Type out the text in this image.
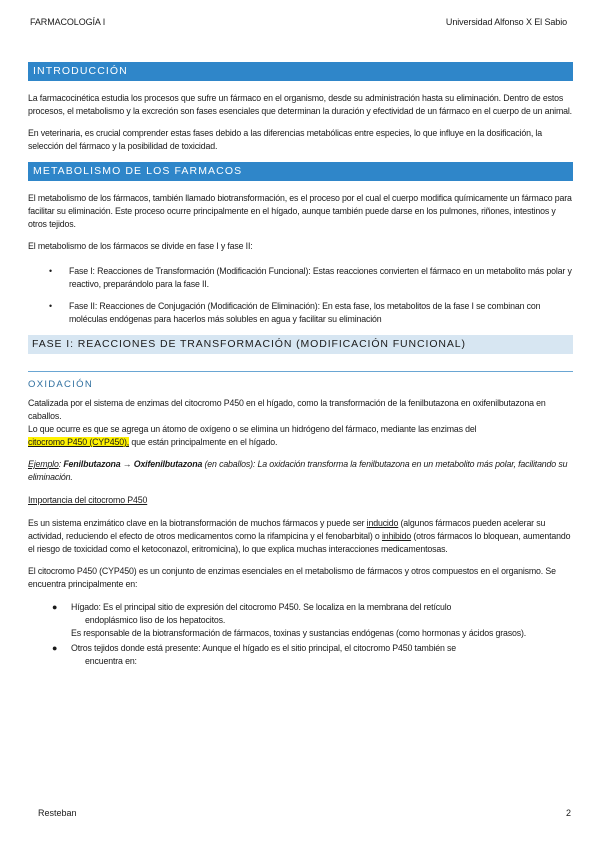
FARMACOLOGÍA I	Universidad Alfonso X El Sabio
INTRODUCCIÓN

La farmacocinética estudia los procesos que sufre un fármaco en el organismo, desde su administración hasta su eliminación. Dentro de estos procesos, el metabolismo y la excreción son fases esenciales que determinan la duración y efectividad de un fármaco en el cuerpo de un animal.

En veterinaria, es crucial comprender estas fases debido a las diferencias metabólicas entre especies, lo que influye en la dosificación, la selección del fármaco y la posibilidad de toxicidad.

METABOLISMO DE LOS FARMACOS

El metabolismo de los fármacos, también llamado biotransformación, es el proceso por el cual el cuerpo modifica químicamente un fármaco para facilitar su eliminación. Este proceso ocurre principalmente en el hígado, aunque también puede darse en los pulmones, riñones, intestinos y otros tejidos.

El metabolismo de los fármacos se divide en fase I y fase II:

• Fase I: Reacciones de Transformación (Modificación Funcional): Estas reacciones convierten el fármaco en un metabolito más polar y reactivo, preparándolo para la fase II.
• Fase II: Reacciones de Conjugación (Modificación de Eliminación): En esta fase, los metabolitos de la fase I se combinan con moléculas endógenas para hacerlos más solubles en agua y facilitar su eliminación
FASE I: REACCIONES DE TRANSFORMACIÓN (MODIFICACIÓN FUNCIONAL)
OXIDACIÓN

Catalizada por el sistema de enzimas del citocromo P450 en el hígado, como la transformación de la fenilbutazona en oxifenilbutazona en caballos.
Lo que ocurre es que se agrega un átomo de oxígeno o se elimina un hidrógeno del fármaco, mediante las enzimas del
citocromo P450 (CYP450), que están principalmente en el hígado.

Ejemplo: Fenilbutazona → Oxifenilbutazona (en caballos): La oxidación transforma la fenilbutazona en un metabolito más polar, facilitando su eliminación.

Importancia del citocromo P450

Es un sistema enzimático clave en la biotransformación de muchos fármacos y puede ser inducido (algunos fármacos pueden acelerar su actividad, reduciendo el efecto de otros medicamentos como la rifampicina y el fenobarbital) o inhibido (otros fármacos lo bloquean, aumentando el riesgo de toxicidad como el ketoconazol, eritromicina), lo que explica muchas interacciones medicamentosas.

El citocromo P450 (CYP450) es un conjunto de enzimas esenciales en el metabolismo de fármacos y otros compuestos en el organismo. Se encuentra principalmente en:

● Hígado: Es el principal sitio de expresión del citocromo P450. Se localiza en la membrana del retículo
endoplásmico liso de los hepatocitos.
Es responsable de la biotransformación de fármacos, toxinas y sustancias endógenas (como hormonas y ácidos grasos).
● Otros tejidos donde está presente: Aunque el hígado es el sitio principal, el citocromo P450 también se
encuentra en:
Resteban	2
